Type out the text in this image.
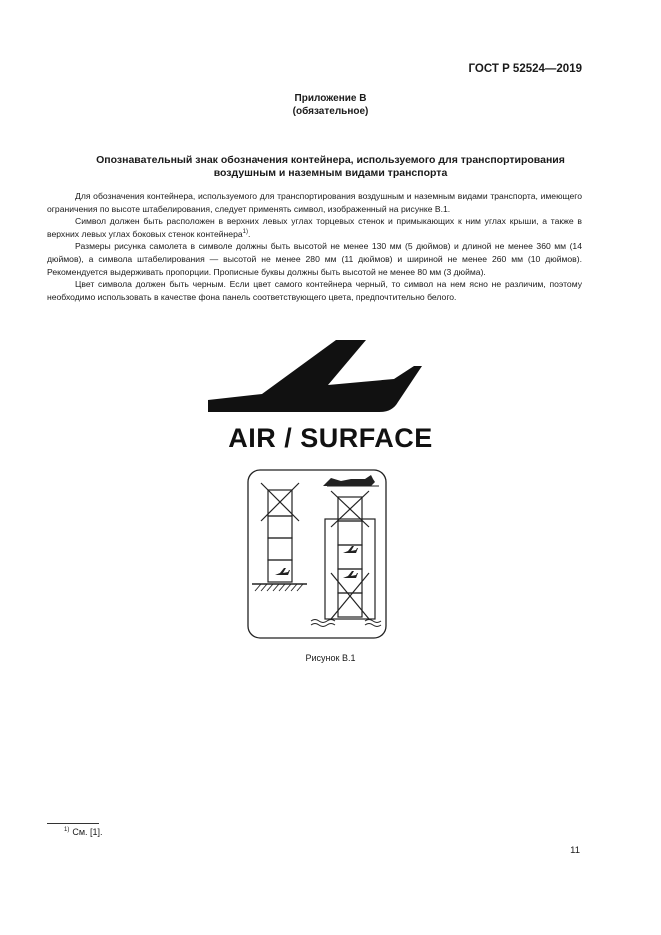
ГОСТ Р 52524—2019
Приложение В
(обязательное)
Опознавательный знак обозначения контейнера, используемого для транспортирования
воздушным и наземным видами транспорта

Для обозначения контейнера, используемого для транспортирования воздушным и наземным видами транспорта, имеющего ограничения по высоте штабелирования, следует применять символ, изображенный на рисунке В.1.

Символ должен быть расположен в верхних левых углах торцевых стенок и примыкающих к ним углах крыши, а также в верхних левых углах боковых стенок контейнера$^{1)}$.

Размеры рисунка самолета в символе должны быть высотой не менее 130 мм (5 дюймов) и длиной не менее 360 мм (14 дюймов), а символа штабелирования — высотой не менее 280 мм (11 дюймов) и шириной не менее 260 мм (10 дюймов). Рекомендуется выдерживать пропорции. Прописные буквы должны быть высотой не менее 80 мм (3 дюйма).

Цвет символа должен быть черным. Если цвет самого контейнера черный, то символ на нем ясно не различим, поэтому необходимо использовать в качестве фона панель соответствующего цвета, предпочтительно белого.

AIR / SURFACE
Рисунок В.1
$^{1)}$ См. [1].
11
